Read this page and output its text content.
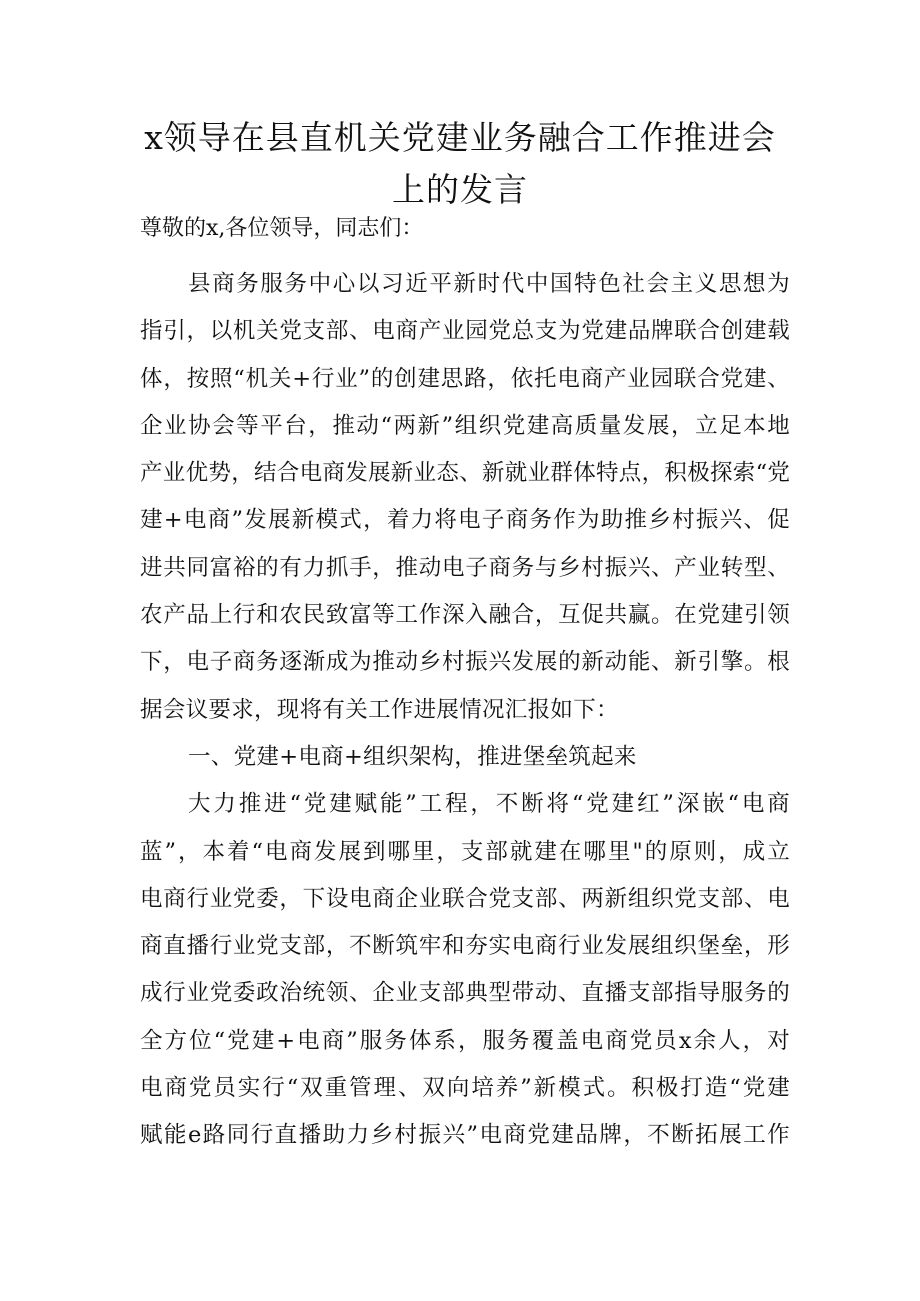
x领导在县直机关党建业务融合工作推进会
上的发言

尊敬的x,各位领导，同志们：

县商务服务中心以习近平新时代中国特色社会主义思想为
指引，以机关党支部、电商产业园党总支为党建品牌联合创建载
体，按照“机关+行业”的创建思路，依托电商产业园联合党建、
企业协会等平台，推动“两新”组织党建高质量发展，立足本地
产业优势，结合电商发展新业态、新就业群体特点，积极探索“党
建+电商”发展新模式，着力将电子商务作为助推乡村振兴、促
进共同富裕的有力抓手，推动电子商务与乡村振兴、产业转型、
农产品上行和农民致富等工作深入融合，互促共赢。在党建引领
下，电子商务逐渐成为推动乡村振兴发展的新动能、新引擎。根
据会议要求，现将有关工作进展情况汇报如下：
一、党建+电商+组织架构，推进堡垒筑起来
大力推进“党建赋能”工程，不断将“党建红”深嵌“电商
蓝”，本着“电商发展到哪里，支部就建在哪里"的原则，成立
电商行业党委，下设电商企业联合党支部、两新组织党支部、电
商直播行业党支部，不断筑牢和夯实电商行业发展组织堡垒，形
成行业党委政治统领、企业支部典型带动、直播支部指导服务的
全方位“党建+电商”服务体系，服务覆盖电商党员x余人，对
电商党员实行“双重管理、双向培养”新模式。积极打造“党建
赋能e路同行直播助力乡村振兴”电商党建品牌，不断拓展工作
